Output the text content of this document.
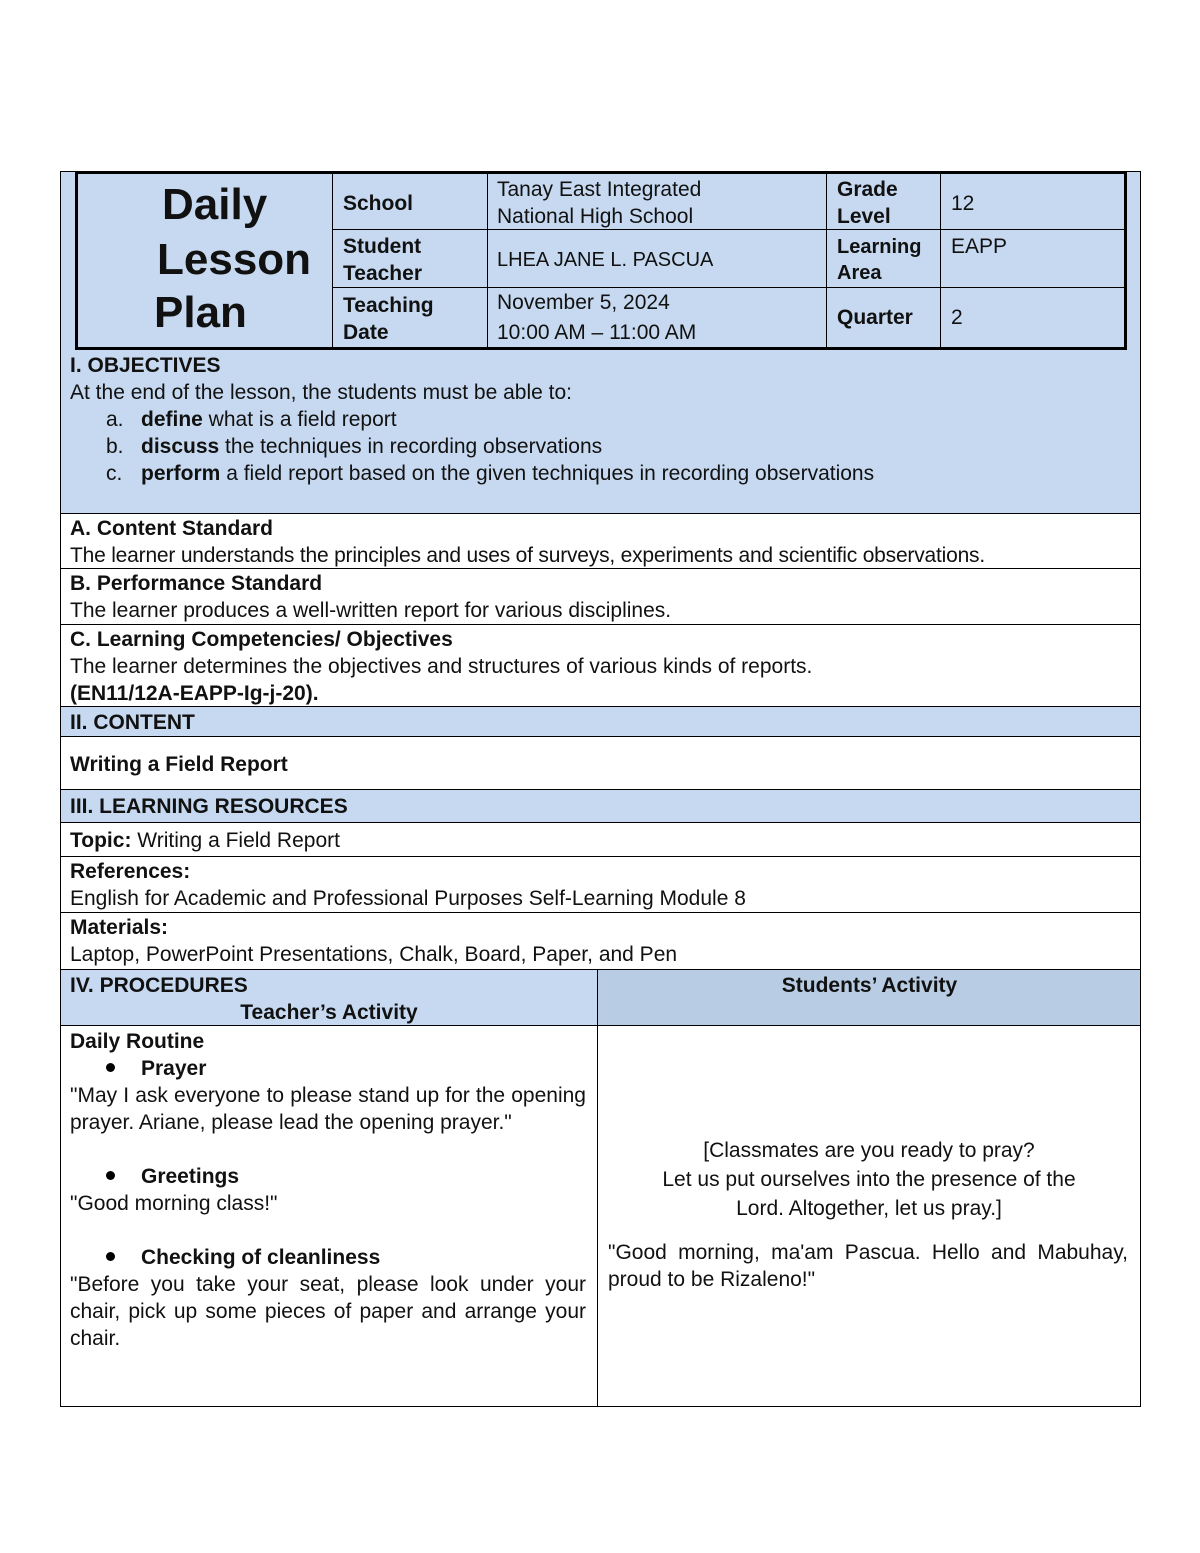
Daily
Lesson
Plan
School
Tanay East Integrated
National High School
Grade
Level
12
Student
Teacher
LHEA JANE L. PASCUA
Learning
Area
EAPP
Teaching
Date
November 5, 2024
10:00 AM – 11:00 AM
Quarter 2
I. OBJECTIVES
At the end of the lesson, the students must be able to:
a. define what is a field report
b. discuss the techniques in recording observations
c. perform a field report based on the given techniques in recording observations
A. Content Standard
The learner understands the principles and uses of surveys, experiments and scientific observations.
B. Performance Standard
The learner produces a well-written report for various disciplines.
C. Learning Competencies/ Objectives
The learner determines the objectives and structures of various kinds of reports.
(EN11/12A-EAPP-Ig-j-20).
II. CONTENT
Writing a Field Report
III. LEARNING RESOURCES
Topic: Writing a Field Report
References:
English for Academic and Professional Purposes Self-Learning Module 8
Materials:
Laptop, PowerPoint Presentations, Chalk, Board, Paper, and Pen
IV. PROCEDURES
Teacher’s Activity
Students’ Activity
Daily Routine
Prayer
"May I ask everyone to please stand up for the opening prayer. Ariane, please lead the opening prayer."
Greetings
"Good morning class!"
Checking of cleanliness
"Before you take your seat, please look under your chair, pick up some pieces of paper and arrange your chair.
[Classmates are you ready to pray?
Let us put ourselves into the presence of the
Lord. Altogether, let us pray.]
"Good morning, ma'am Pascua. Hello and Mabuhay, proud to be Rizaleno!"
